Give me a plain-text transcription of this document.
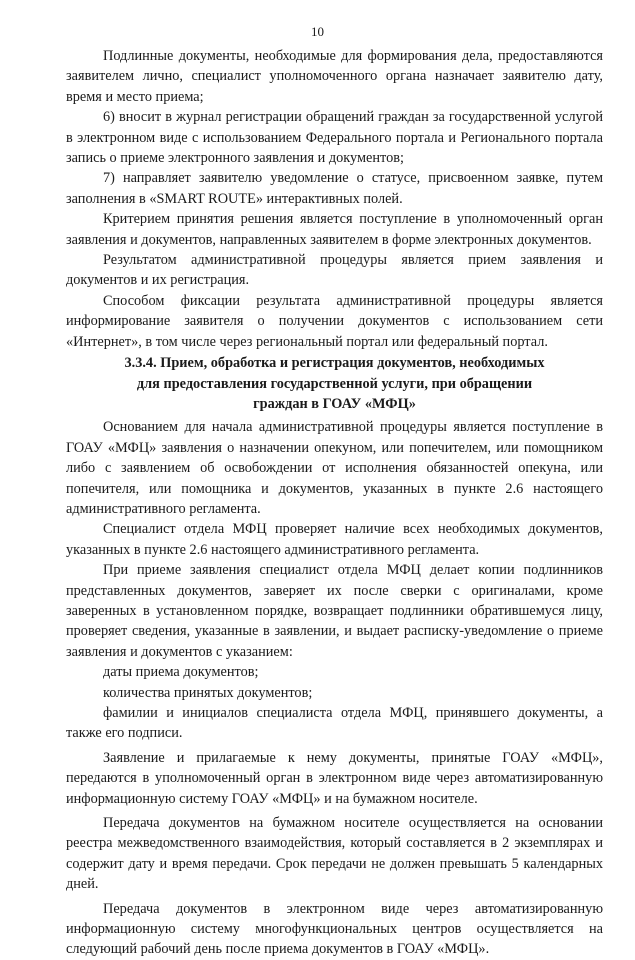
10

Подлинные документы, необходимые для формирования дела, предоставляются заявителем лично, специалист уполномоченного органа назначает заявителю дату, время и место приема;

6) вносит в журнал регистрации обращений граждан за государственной услугой в электронном виде с использованием Федерального портала и Регионального портала запись о приеме электронного заявления и документов;

7) направляет заявителю уведомление о статусе, присвоенном заявке, путем заполнения в «SMART ROUTE» интерактивных полей.

Критерием принятия решения является поступление в уполномоченный орган заявления и документов, направленных заявителем в форме электронных документов.

Результатом административной процедуры является прием заявления и документов и их регистрация.

Способом фиксации результата административной процедуры является информирование заявителя о получении документов с использованием сети «Интернет», в том числе через региональный портал или федеральный портал.

3.3.4. Прием, обработка и регистрация документов, необходимых
для предоставления государственной услуги, при обращении
граждан в ГОАУ «МФЦ»

Основанием для начала административной процедуры является поступление в ГОАУ «МФЦ» заявления о назначении опекуном, или попечителем, или помощником либо с заявлением об освобождении от исполнения обязанностей опекуна, или попечителя, или помощника и документов, указанных в пункте 2.6 настоящего административного регламента.

Специалист отдела МФЦ проверяет наличие всех необходимых документов, указанных в пункте 2.6 настоящего административного регламента.

При приеме заявления специалист отдела МФЦ делает копии подлинников представленных документов, заверяет их после сверки с оригиналами, кроме заверенных в установленном порядке, возвращает подлинники обратившемуся лицу, проверяет сведения, указанные в заявлении, и выдает расписку-уведомление о приеме заявления и документов с указанием:

даты приема документов;

количества принятых документов;

фамилии и инициалов специалиста отдела МФЦ, принявшего документы, а также его подписи.

Заявление и прилагаемые к нему документы, принятые ГОАУ «МФЦ», передаются в уполномоченный орган в электронном виде через автоматизированную информационную систему ГОАУ «МФЦ» и на бумажном носителе.

Передача документов на бумажном носителе осуществляется на основании реестра межведомственного взаимодействия, который составляется в 2 экземплярах и содержит дату и время передачи. Срок передачи не должен превышать 5 календарных дней.

Передача документов в электронном виде через автоматизированную информационную систему многофункциональных центров осуществляется на следующий рабочий день после приема документов в ГОАУ «МФЦ».
